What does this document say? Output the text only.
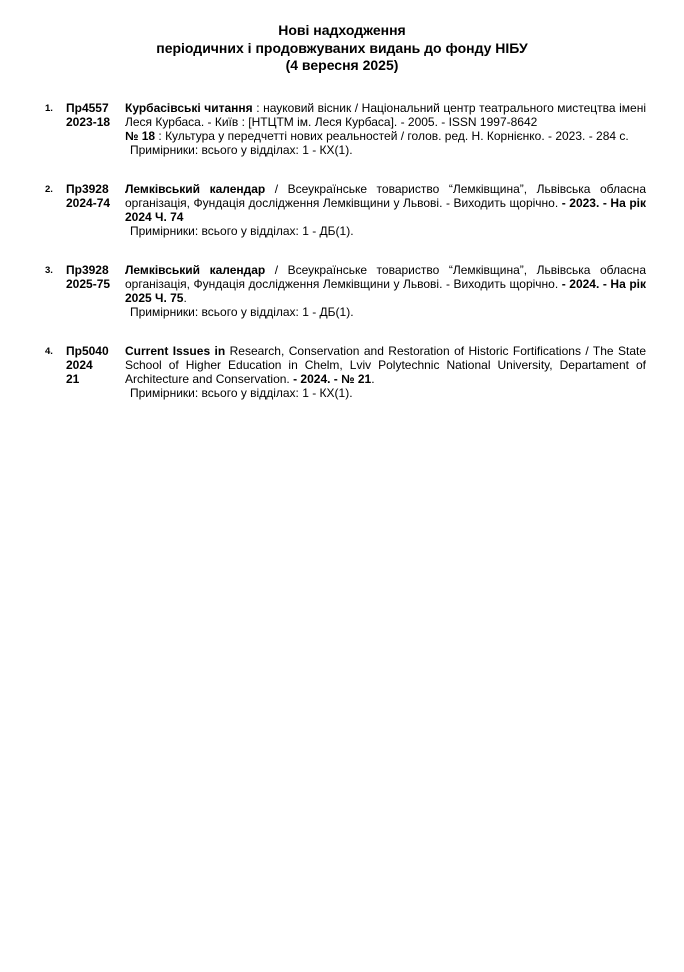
Нові надходження
періодичних і продовжуваних видань до фонду НІБУ
(4 вересня 2025)
1.	Пр4557
2023-18
Курбасівські читання : науковий вісник / Національний центр театрального мистецтва імені Леся Курбаса. - Київ : [НТЦТМ ім. Леся Курбаса]. - 2005. - ISSN 1997-8642
№ 18 : Культура у передчетті нових реальностей / голов. ред. Н. Корнієнко. - 2023. - 284 с.
Примірники: всього у відділах: 1 - КХ(1).
2.	Пр3928
2024-74
Лемківський календар / Всеукраїнське товариство “Лемківщина”, Львівська обласна організація, Фундація дослідження Лемківщини у Львові. - Виходить щорічно. - 2023. - На рік 2024 Ч. 74
Примірники: всього у відділах: 1 - ДБ(1).
3.	Пр3928
2025-75
Лемківський календар / Всеукраїнське товариство “Лемківщина”, Львівська обласна організація, Фундація дослідження Лемківщини у Львові. - Виходить щорічно. - 2024. - На рік 2025 Ч. 75.
Примірники: всього у відділах: 1 - ДБ(1).
4.	Пр5040
2024
21
Current Issues in Research, Conservation and Restoration of Historic Fortifications / The State School of Higher Education in Chelm, Lviv Polytechnic National University, Departament of Architecture and Conservation. - 2024. - № 21.
Примірники: всього у відділах: 1 - КХ(1).
